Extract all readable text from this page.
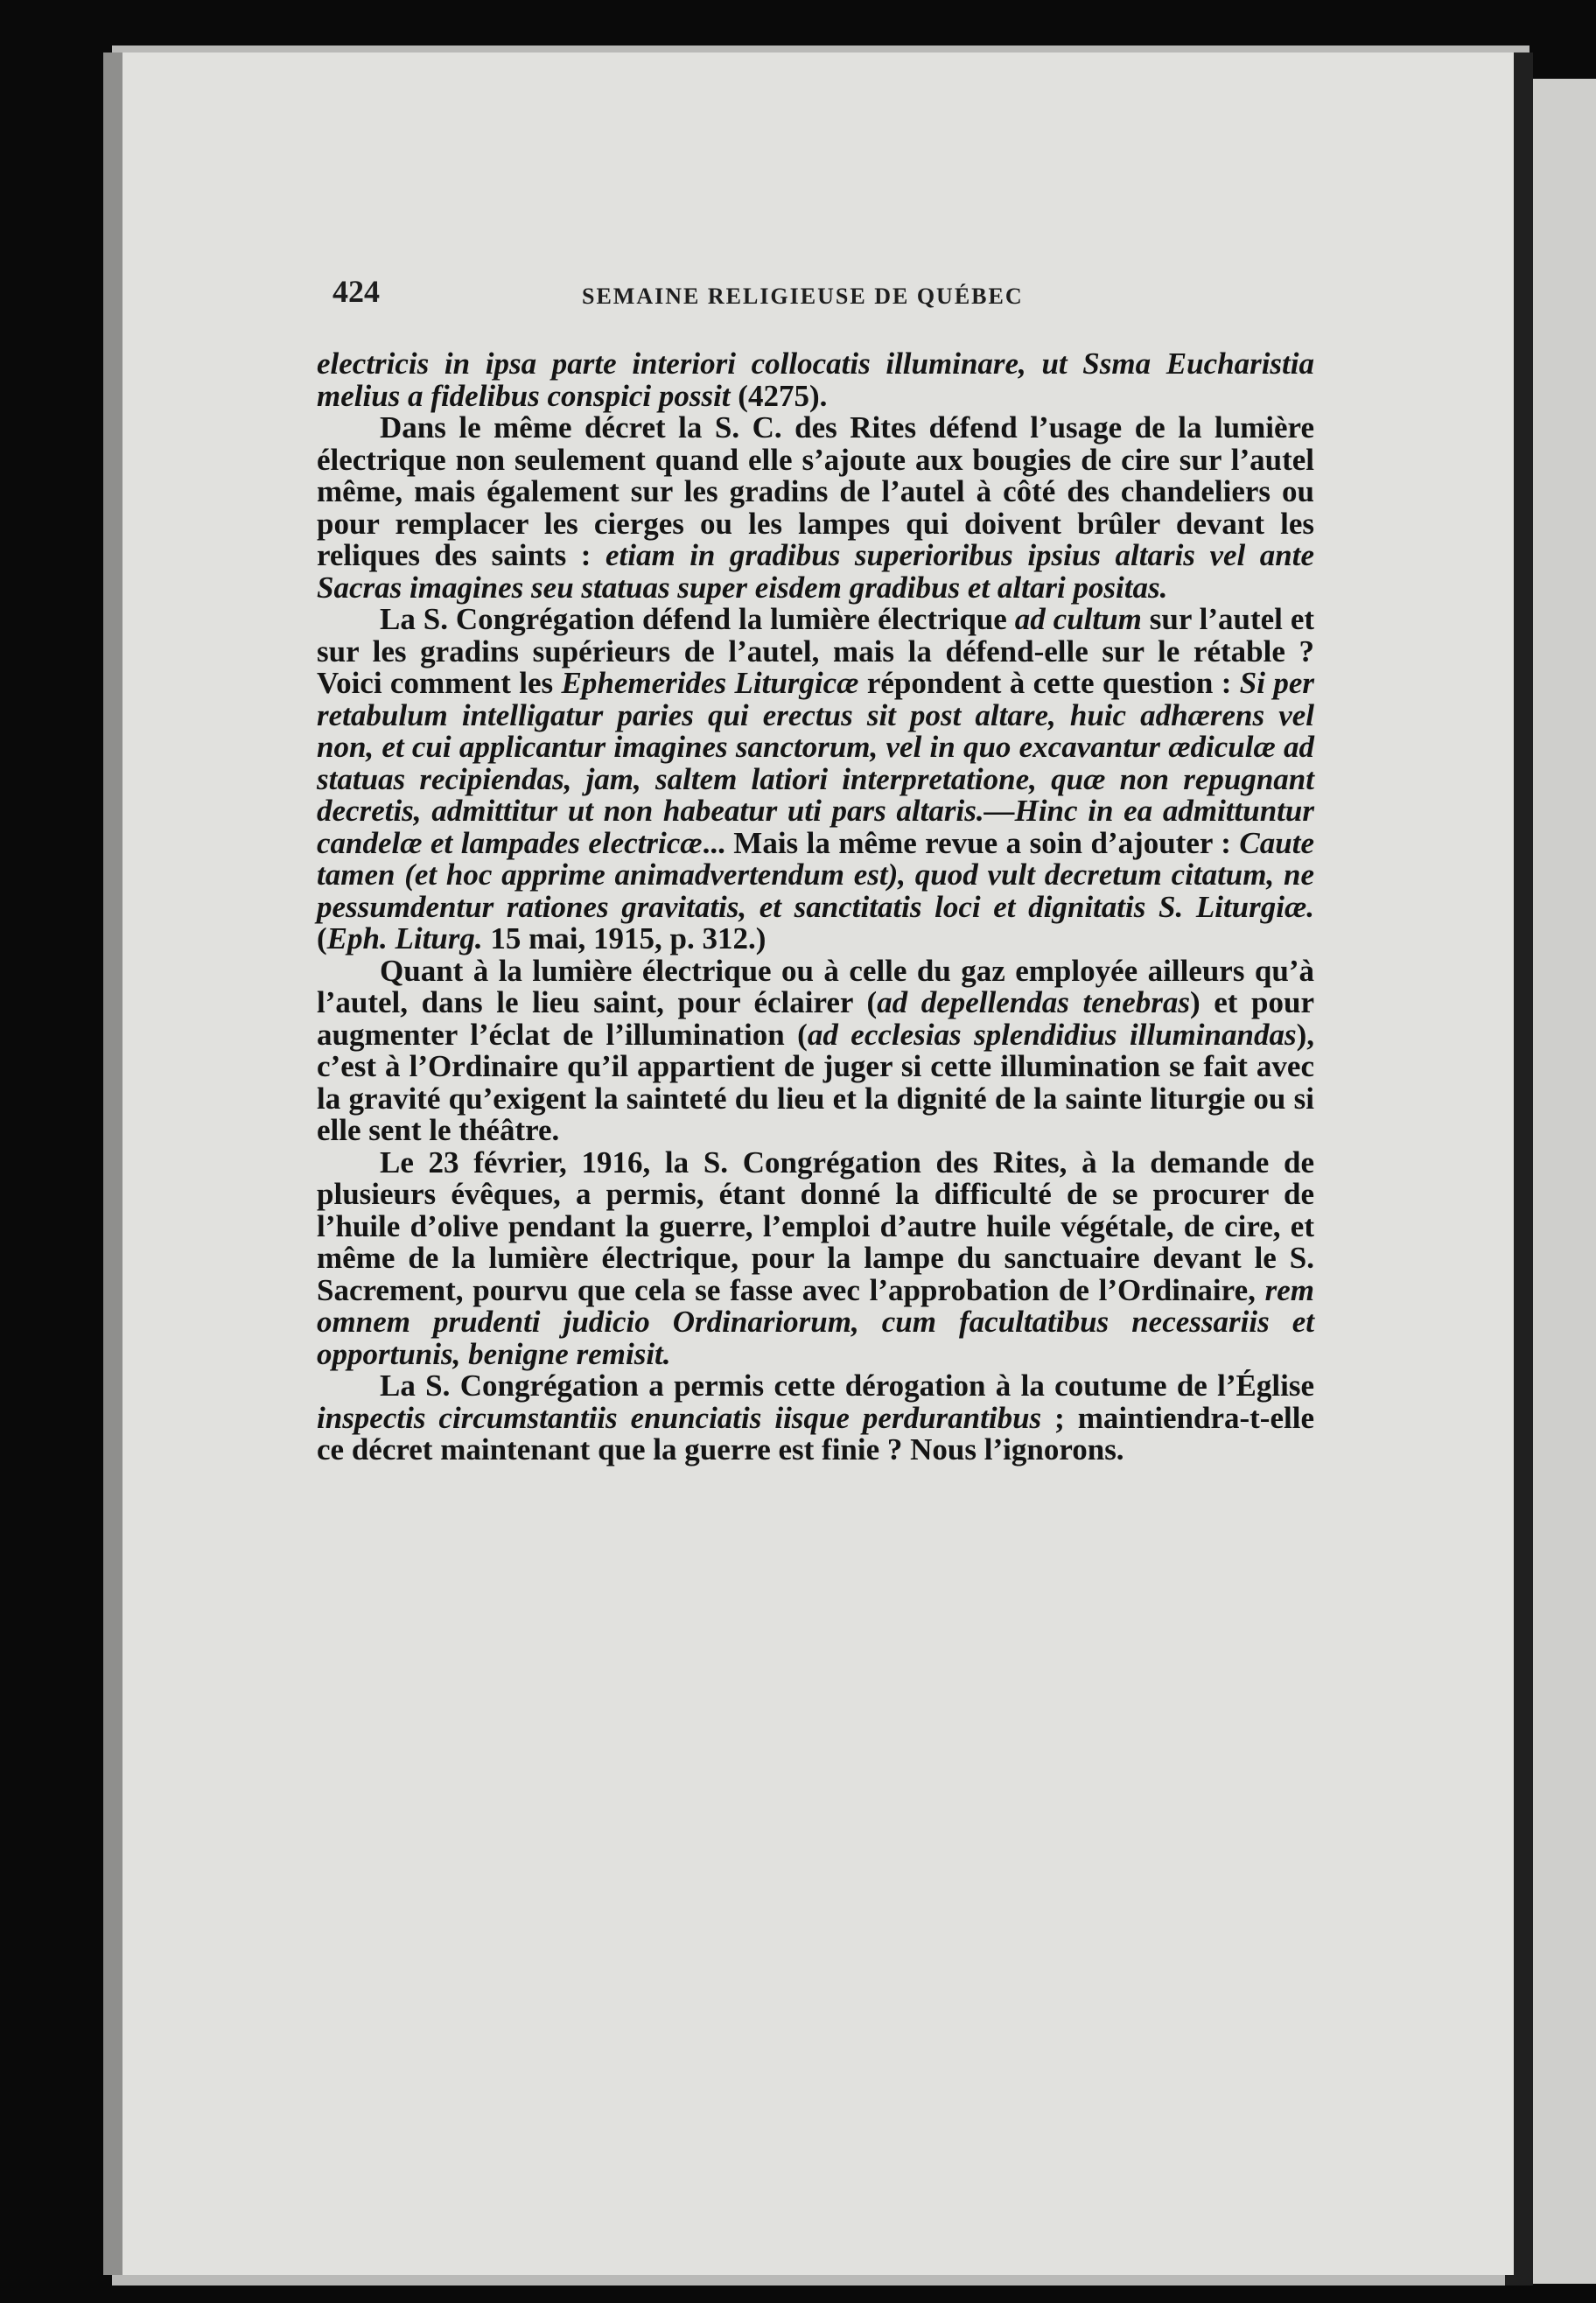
424	SEMAINE RELIGIEUSE DE QUÉBEC

electricis in ipsa parte interiori collocatis illuminare, ut Ssma Eucharistia melius a fidelibus conspici possit (4275).

Dans le même décret la S. C. des Rites défend l’usage de la lumière électrique non seulement quand elle s’ajoute aux bougies de cire sur l’autel même, mais également sur les gradins de l’autel à côté des chandeliers ou pour remplacer les cierges ou les lampes qui doivent brûler devant les reliques des saints : etiam in gradibus superioribus ipsius altaris vel ante Sacras imagines seu statuas super eisdem gradibus et altari positas.

La S. Congrégation défend la lumière électrique ad cultum sur l’autel et sur les gradins supérieurs de l’autel, mais la défend-elle sur le rétable ? Voici comment les Ephemerides Liturgicæ répondent à cette question : Si per retabulum intelligatur paries qui erectus sit post altare, huic adhærens vel non, et cui applicantur imagines sanctorum, vel in quo excavantur ædiculæ ad statuas recipiendas, jam, saltem latiori interpretatione, quæ non repugnant decretis, admittitur ut non habeatur uti pars altaris.—Hinc in ea admittuntur candelæ et lampades electricæ... Mais la même revue a soin d’ajouter : Caute tamen (et hoc apprime animadvertendum est), quod vult decretum citatum, ne pessumdentur rationes gravitatis, et sanctitatis loci et dignitatis S. Liturgiæ. (Eph. Liturg. 15 mai, 1915, p. 312.)

Quant à la lumière électrique ou à celle du gaz employée ailleurs qu’à l’autel, dans le lieu saint, pour éclairer (ad depellendas tenebras) et pour augmenter l’éclat de l’illumination (ad ecclesias splendidius illuminandas), c’est à l’Ordinaire qu’il appartient de juger si cette illumination se fait avec la gravité qu’exigent la sainteté du lieu et la dignité de la sainte liturgie ou si elle sent le théâtre.

Le 23 février, 1916, la S. Congrégation des Rites, à la demande de plusieurs évêques, a permis, étant donné la difficulté de se procurer de l’huile d’olive pendant la guerre, l’emploi d’autre huile végétale, de cire, et même de la lumière électrique, pour la lampe du sanctuaire devant le S. Sacrement, pourvu que cela se fasse avec l’approbation de l’Ordinaire, rem omnem prudenti judicio Ordinariorum, cum facultatibus necessariis et opportunis, benigne remisit.

La S. Congrégation a permis cette dérogation à la coutume de l’Église inspectis circumstantiis enunciatis iisque perdurantibus ; maintiendra-t-elle ce décret maintenant que la guerre est finie ? Nous l’ignorons.
